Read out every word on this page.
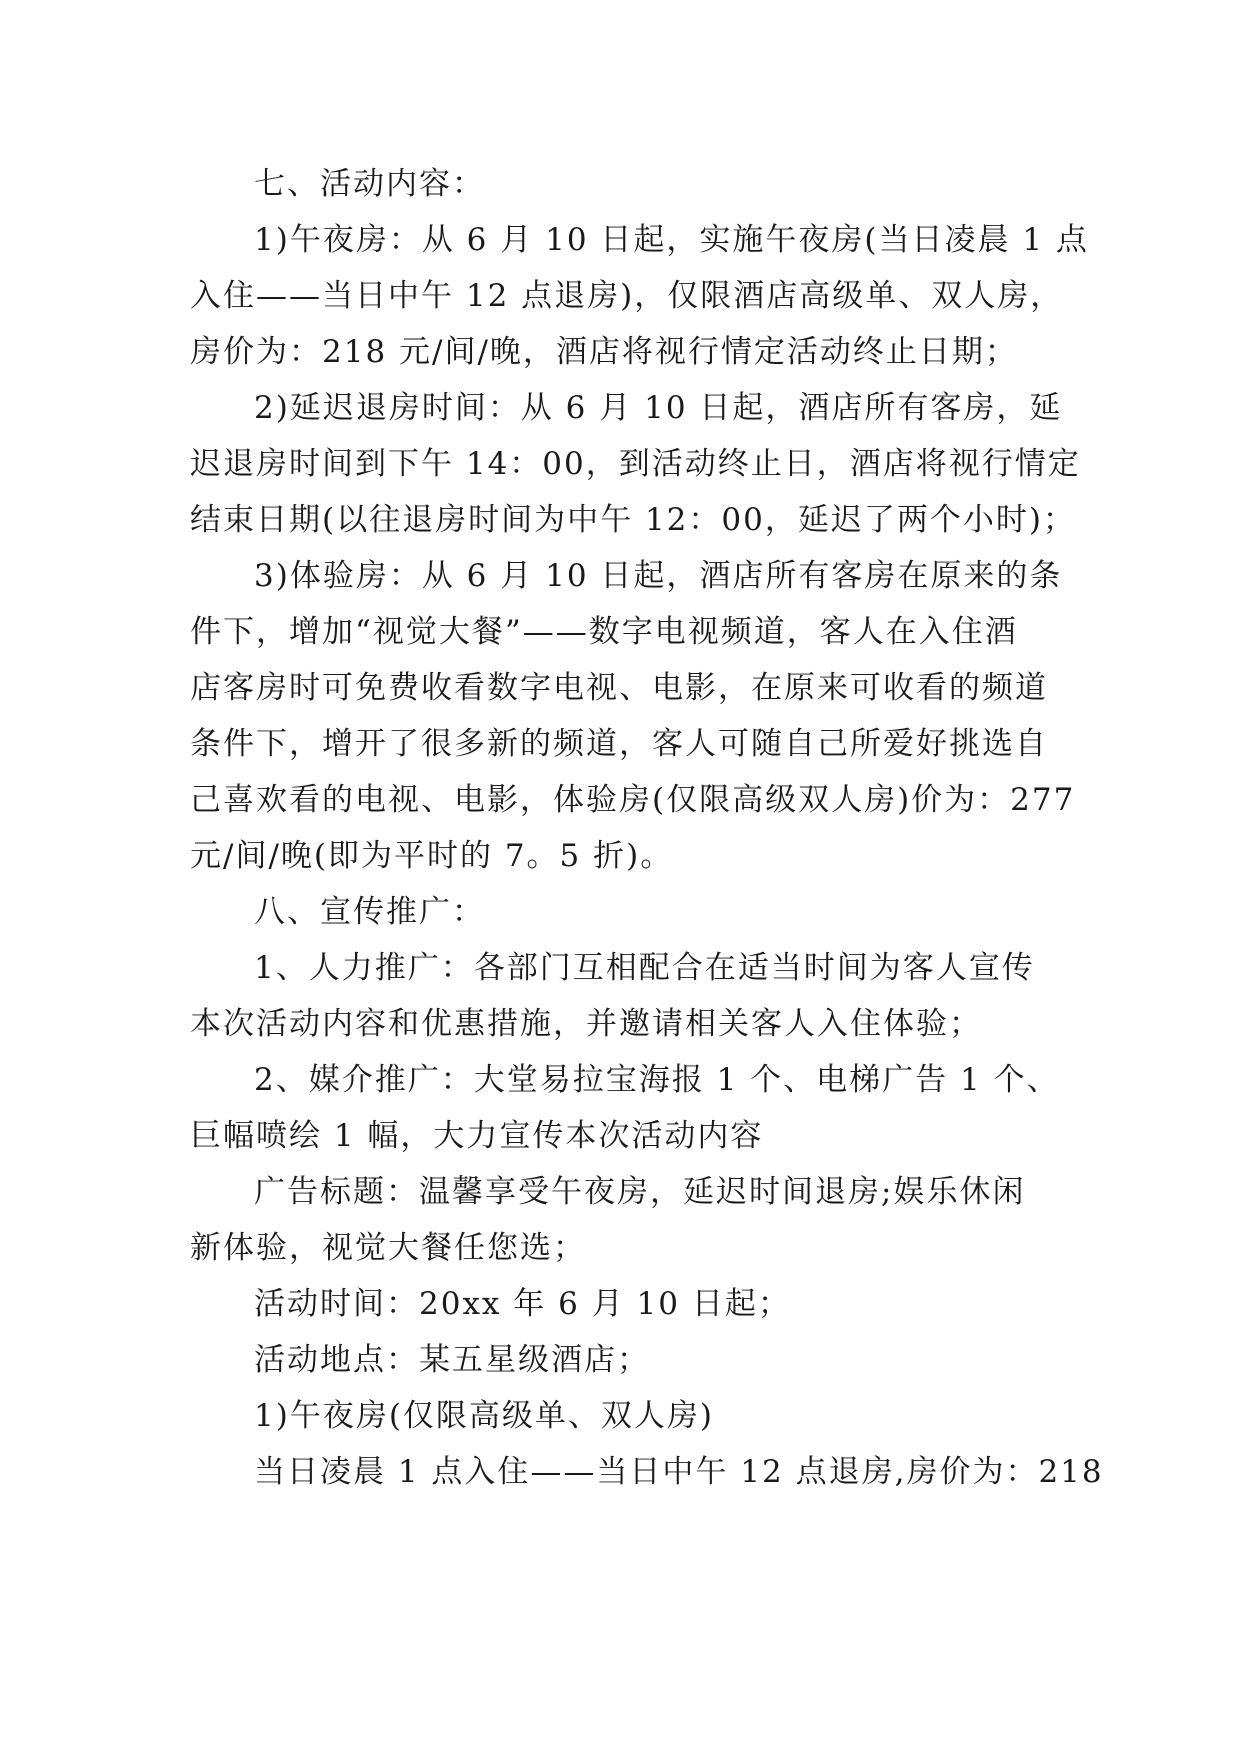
七、活动内容：
1)午夜房：从 6 月 10 日起，实施午夜房(当日凌晨 1 点
入住——当日中午 12 点退房)，仅限酒店高级单、双人房，
房价为：218 元/间/晚，酒店将视行情定活动终止日期；
2)延迟退房时间：从 6 月 10 日起，酒店所有客房，延
迟退房时间到下午 14：00，到活动终止日，酒店将视行情定
结束日期(以往退房时间为中午 12：00，延迟了两个小时)；
3)体验房：从 6 月 10 日起，酒店所有客房在原来的条
件下，增加“视觉大餐”——数字电视频道，客人在入住酒
店客房时可免费收看数字电视、电影，在原来可收看的频道
条件下，增开了很多新的频道，客人可随自己所爱好挑选自
己喜欢看的电视、电影，体验房(仅限高级双人房)价为：277
元/间/晚(即为平时的 7。5 折)。
八、宣传推广：
1、人力推广：各部门互相配合在适当时间为客人宣传
本次活动内容和优惠措施，并邀请相关客人入住体验；
2、媒介推广：大堂易拉宝海报 1 个、电梯广告 1 个、
巨幅喷绘 1 幅，大力宣传本次活动内容
广告标题：温馨享受午夜房，延迟时间退房;娱乐休闲
新体验，视觉大餐任您选；
活动时间：20xx 年 6 月 10 日起；
活动地点：某五星级酒店；
1)午夜房(仅限高级单、双人房)
当日凌晨 1 点入住——当日中午 12 点退房,房价为：218
